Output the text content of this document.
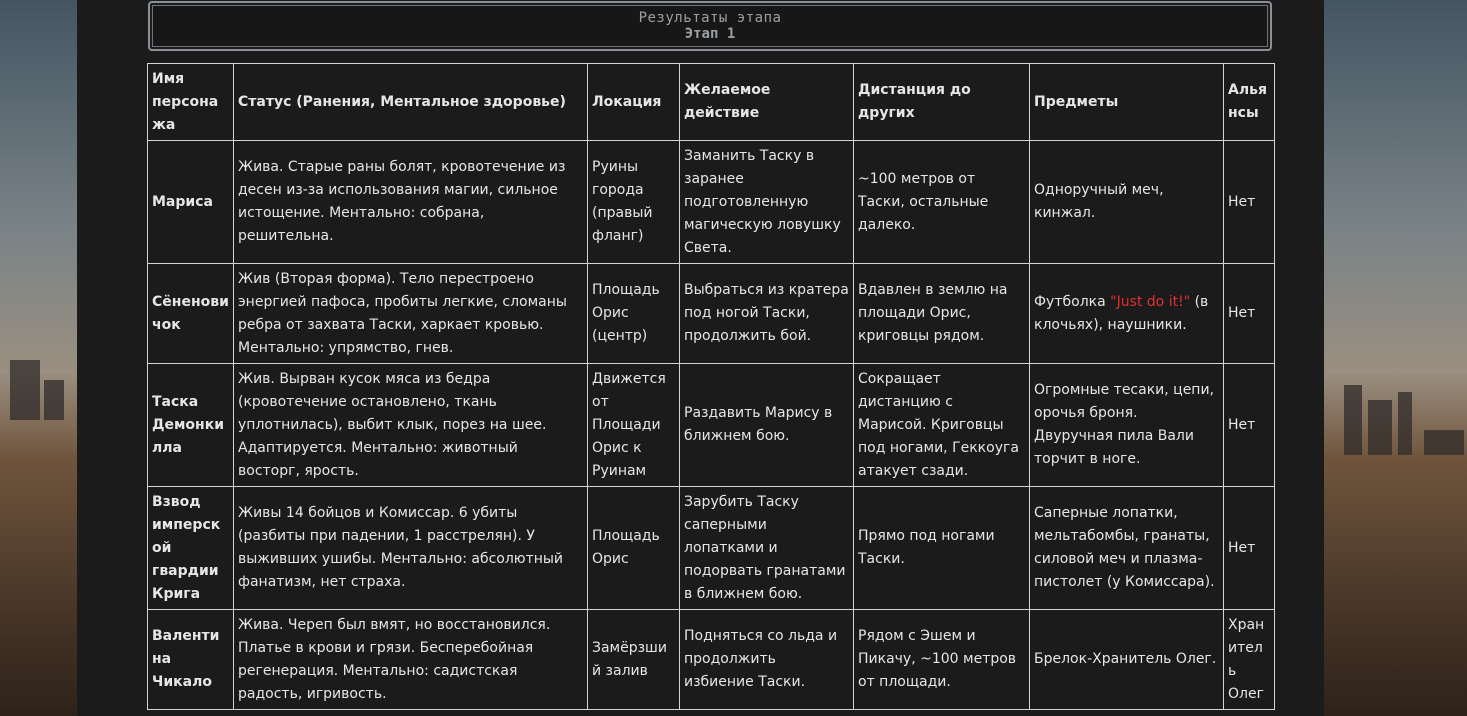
Результаты этапа
Этап 1
Имя персонажа	Статус (Ранения, Ментальное здоровье)	Локация	Желаемое действие	Дистанция до других	Предметы	Альянсы
Мариса	Жива. Старые раны болят, кровотечение из десен из-за использования магии, сильное истощение. Ментально: собрана, решительна.	Руины города (правый фланг)	Заманить Таску в заранее подготовленную магическую ловушку Света.	~100 метров от Таски, остальные далеко.	Одноручный меч, кинжал.	Нет
Сёненовичок	Жив (Вторая форма). Тело перестроено энергией пафоса, пробиты легкие, сломаны ребра от захвата Таски, харкает кровью. Ментально: упрямство, гнев.	Площадь Орис (центр)	Выбраться из кратера под ногой Таски, продолжить бой.	Вдавлен в землю на площади Орис, криговцы рядом.	Футболка "Just do it!" (в клочьях), наушники.	Нет
Таска Демонкилла	Жив. Вырван кусок мяса из бедра (кровотечение остановлено, ткань уплотнилась), выбит клык, порез на шее. Адаптируется. Ментально: животный восторг, ярость.	Движется от Площади Орис к Руинам	Раздавить Марису в ближнем бою.	Сокращает дистанцию с Марисой. Криговцы под ногами, Геккоуга атакует сзади.	Огромные тесаки, цепи, орочья броня. Двуручная пила Вали торчит в ноге.	Нет
Взвод имперской гвардии Крига	Живы 14 бойцов и Комиссар. 6 убиты (разбиты при падении, 1 расстрелян). У выживших ушибы. Ментально: абсолютный фанатизм, нет страха.	Площадь Орис	Зарубить Таску саперными лопатками и подорвать гранатами в ближнем бою.	Прямо под ногами Таски.	Саперные лопатки, мельтабомбы, гранаты, силовой меч и плазма-пистолет (у Комиссара).	Нет
Валентина Чикало	Жива. Череп был вмят, но восстановился. Платье в крови и грязи. Бесперебойная регенерация. Ментально: садистская радость, игривость.	Замёрзший залив	Подняться со льда и продолжить избиение Таски.	Рядом с Эшем и Пикачу, ~100 метров от площади.	Брелок-Хранитель Олег.	Хранитель Олег
